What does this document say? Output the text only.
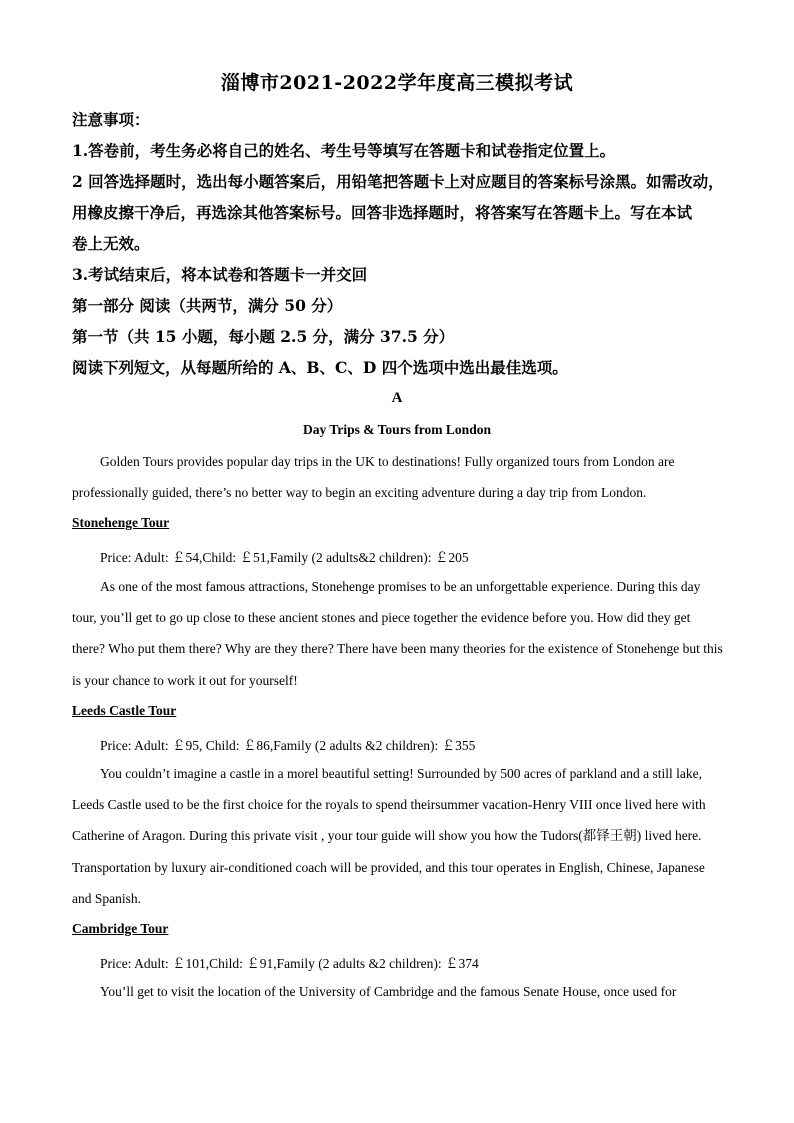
淄博市2021-2022学年度高三模拟考试
注意事项：
1.答卷前，考生务必将自己的姓名、考生号等填写在答题卡和试卷指定位置上。
2 回答选择题时，选出每小题答案后，用铅笔把答题卡上对应题目的答案标号涂黑。如需改动，
用橡皮擦干净后，再选涂其他答案标号。回答非选择题时，将答案写在答题卡上。写在本试
卷上无效。
3.考试结束后，将本试卷和答题卡一并交回
第一部分 阅读（共两节，满分 50 分）
第一节（共 15 小题，每小题 2.5 分，满分 37.5 分）
阅读下列短文，从每题所给的 A、B、C、D 四个选项中选出最佳选项。
A
Day Trips & Tours from London
Golden Tours provides popular day trips in the UK to destinations! Fully organized tours from London are professionally guided, there’s no better way to begin an exciting adventure during a day trip from London.
Stonehenge Tour
Price: Adult: ￡54,Child: ￡51,Family (2 adults&2 children): ￡205
As one of the most famous attractions, Stonehenge promises to be an unforgettable experience. During this day tour, you’ll get to go up close to these ancient stones and piece together the evidence before you. How did they get there? Who put them there? Why are they there? There have been many theories for the existence of Stonehenge but this is your chance to work it out for yourself!
Leeds Castle Tour
Price: Adult: ￡95, Child: ￡86,Family (2 adults &2 children): ￡355
You couldn’t imagine a castle in a morel beautiful setting! Surrounded by 500 acres of parkland and a still lake, Leeds Castle used to be the first choice for the royals to spend theirsummer vacation-Henry VIII once lived here with Catherine of Aragon. During this private visit , your tour guide will show you how the Tudors(都铎王朝) lived here. Transportation by luxury air-conditioned coach will be provided, and this tour operates in English, Chinese, Japanese and Spanish.
Cambridge Tour
Price: Adult: ￡101,Child: ￡91,Family (2 adults &2 children): ￡374
You’ll get to visit the location of the University of Cambridge and the famous Senate House, once used for
